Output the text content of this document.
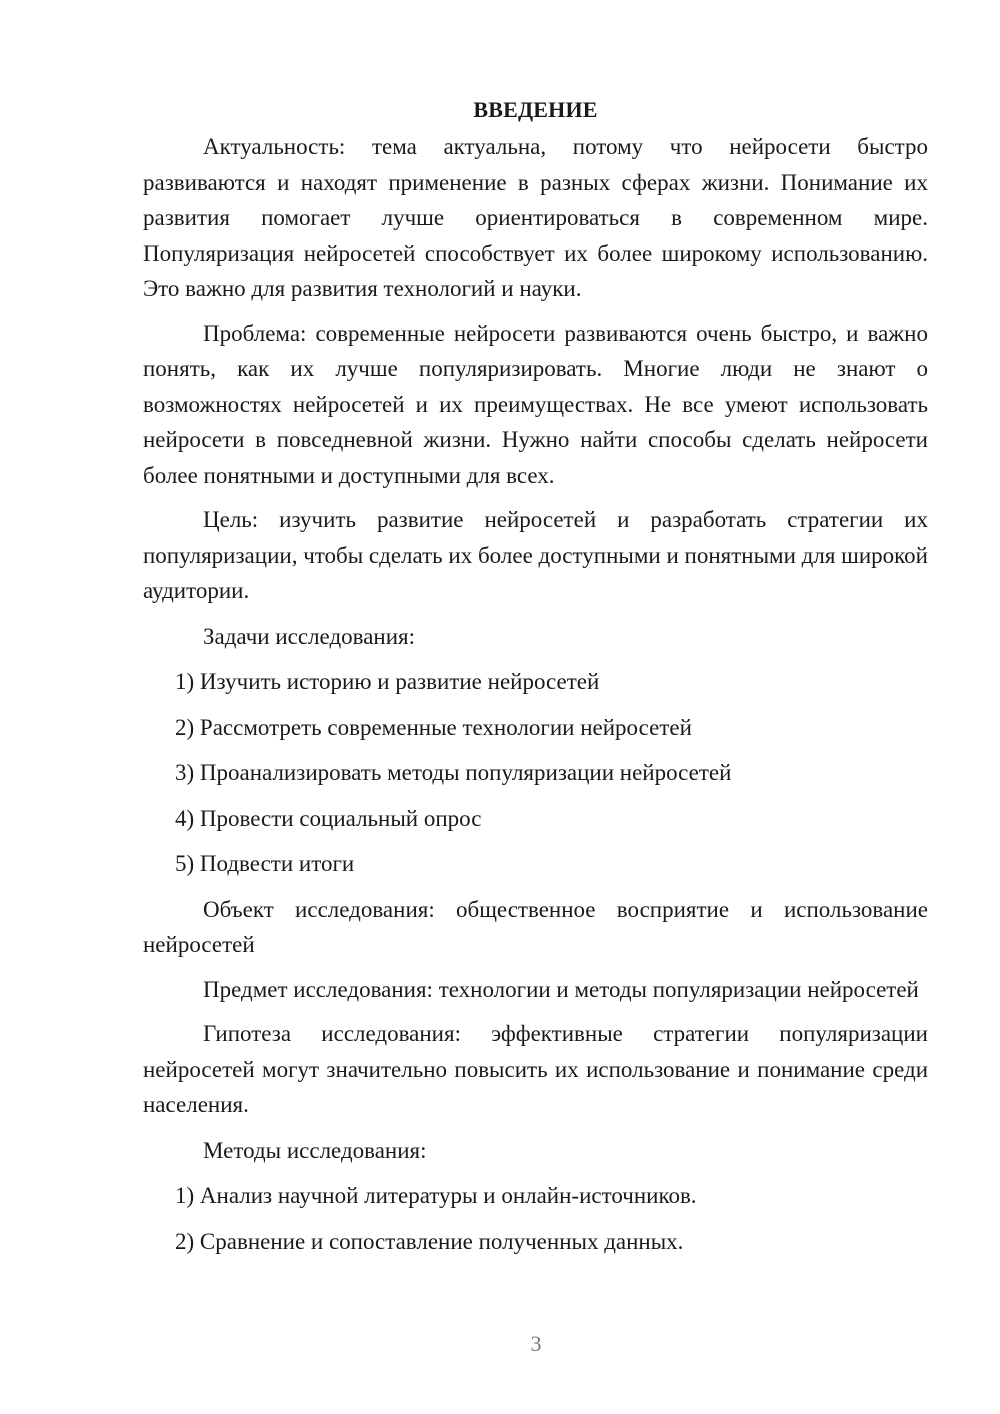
ВВЕДЕНИЕ

Актуальность: тема актуальна, потому что нейросети быстро развиваются и находят применение в разных сферах жизни. Понимание их развития помогает лучше ориентироваться в современном мире. Популяризация нейросетей способствует их более широкому использованию. Это важно для развития технологий и науки.

Проблема: современные нейросети развиваются очень быстро, и важно понять, как их лучше популяризировать. Многие люди не знают о возможностях нейросетей и их преимуществах. Не все умеют использовать нейросети в повседневной жизни. Нужно найти способы сделать нейросети более понятными и доступными для всех.

Цель: изучить развитие нейросетей и разработать стратегии их популяризации, чтобы сделать их более доступными и понятными для широкой аудитории.

Задачи исследования:

1) Изучить историю и развитие нейросетей
2) Рассмотреть современные технологии нейросетей
3) Проанализировать методы популяризации нейросетей
4) Провести социальный опрос
5) Подвести итоги

Объект исследования: общественное восприятие и использование нейросетей

Предмет исследования: технологии и методы популяризации нейросетей

Гипотеза исследования: эффективные стратегии популяризации нейросетей могут значительно повысить их использование и понимание среди населения.

Методы исследования:

1) Анализ научной литературы и онлайн-источников.
2) Сравнение и сопоставление полученных данных.
3
